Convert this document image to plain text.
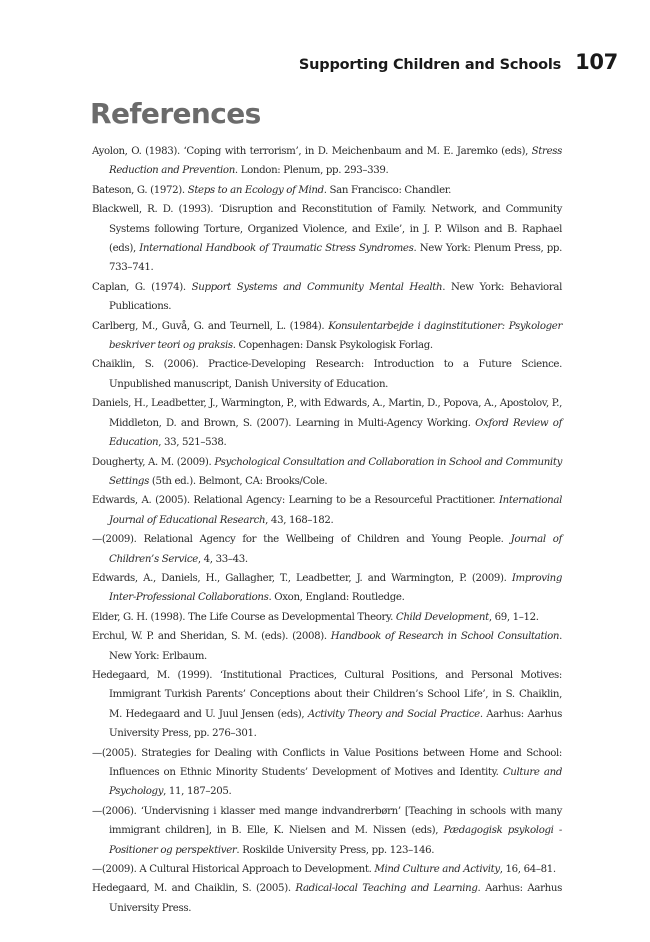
Supporting Children and Schools 107
References
Ayolon, O. (1983). ‘Coping with terrorism’, in D. Meichenbaum and M. E. Jaremko (eds), Stress Reduction and Prevention. London: Plenum, pp. 293–339.
Bateson, G. (1972). Steps to an Ecology of Mind. San Francisco: Chandler.
Blackwell, R. D. (1993). ‘Disruption and Reconstitution of Family. Network, and Community Systems following Torture, Organized Violence, and Exile’, in J. P. Wilson and B. Raphael (eds), International Handbook of Traumatic Stress Syndromes. New York: Plenum Press, pp. 733–741.
Caplan, G. (1974). Support Systems and Community Mental Health. New York: Behavioral Publications.
Carlberg, M., Guvå, G. and Teurnell, L. (1984). Konsulentarbejde i daginstitutioner: Psykologer beskriver teori og praksis. Copenhagen: Dansk Psykologisk Forlag.
Chaiklin, S. (2006). Practice-Developing Research: Introduction to a Future Science. Unpublished manuscript, Danish University of Education.
Daniels, H., Leadbetter, J., Warmington, P., with Edwards, A., Martin, D., Popova, A., Apostolov, P., Middleton, D. and Brown, S. (2007). Learning in Multi-Agency Working. Oxford Review of Education, 33, 521–538.
Dougherty, A. M. (2009). Psychological Consultation and Collaboration in School and Community Settings (5th ed.). Belmont, CA: Brooks/Cole.
Edwards, A. (2005). Relational Agency: Learning to be a Resourceful Practitioner. International Journal of Educational Research, 43, 168–182.
—(2009). Relational Agency for the Wellbeing of Children and Young People. Journal of Children’s Service, 4, 33–43.
Edwards, A., Daniels, H., Gallagher, T., Leadbetter, J. and Warmington, P. (2009). Improving Inter-Professional Collaborations. Oxon, England: Routledge.
Elder, G. H. (1998). The Life Course as Developmental Theory. Child Development, 69, 1–12.
Erchul, W. P. and Sheridan, S. M. (eds). (2008). Handbook of Research in School Consultation. New York: Erlbaum.
Hedegaard, M. (1999). ‘Institutional Practices, Cultural Positions, and Personal Motives: Immigrant Turkish Parents’ Conceptions about their Children’s School Life’, in S. Chaiklin, M. Hedegaard and U. Juul Jensen (eds), Activity Theory and Social Practice. Aarhus: Aarhus University Press, pp. 276–301.
—(2005). Strategies for Dealing with Conflicts in Value Positions between Home and School: Influences on Ethnic Minority Students’ Development of Motives and Identity. Culture and Psychology, 11, 187–205.
—(2006). ‘Undervisning i klasser med mange indvandrerbørn’ [Teaching in schools with many immigrant children], in B. Elle, K. Nielsen and M. Nissen (eds), Pædagogisk psykologi - Positioner og perspektiver. Roskilde University Press, pp. 123–146.
—(2009). A Cultural Historical Approach to Development. Mind Culture and Activity, 16, 64–81.
Hedegaard, M. and Chaiklin, S. (2005). Radical-local Teaching and Learning. Aarhus: Aarhus University Press.
